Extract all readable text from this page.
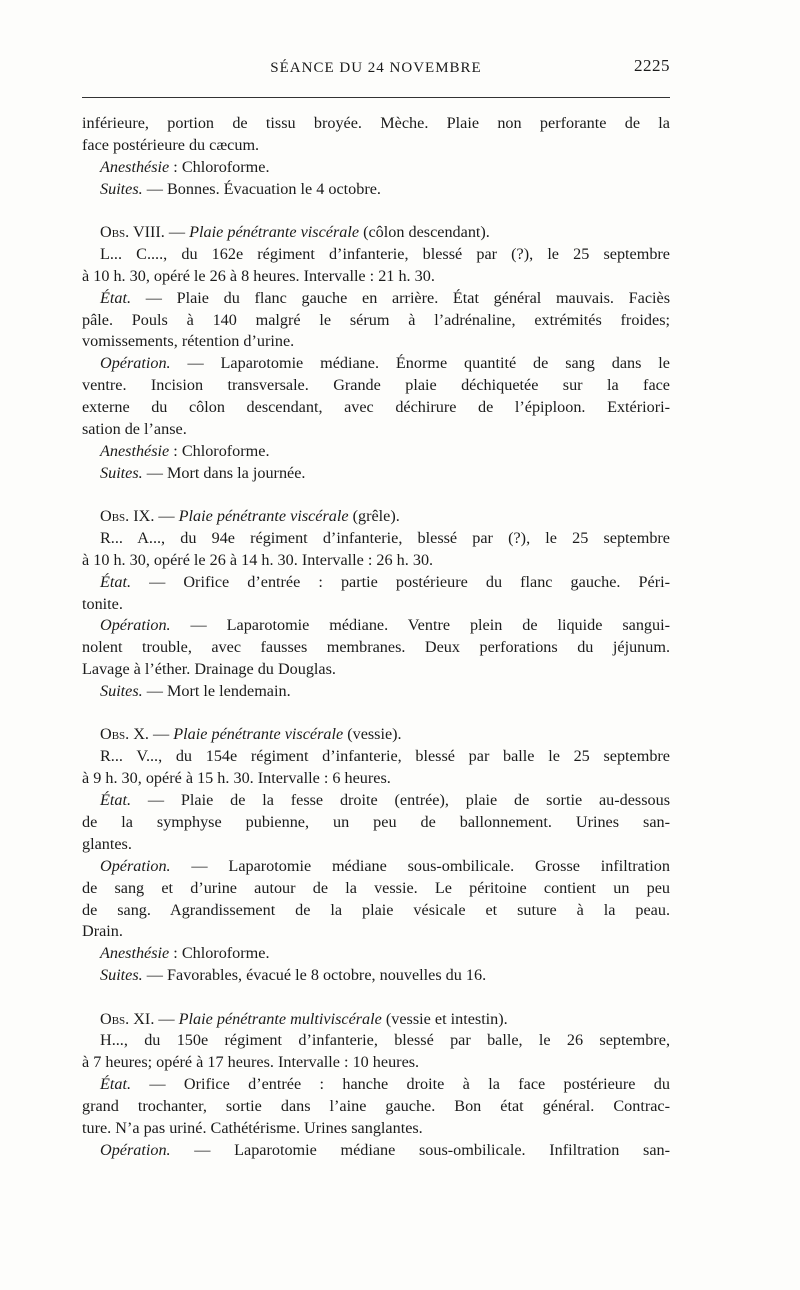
SÉANCE DU 24 NOVEMBRE	2225
inférieure, portion de tissu broyée. Mèche. Plaie non perforante de la
face postérieure du cæcum.
Anesthésie : Chloroforme.
Suites. — Bonnes. Évacuation le 4 octobre.
Obs. VIII. — Plaie pénétrante viscérale (côlon descendant).
L... C...., du 162e régiment d’infanterie, blessé par (?), le 25 septembre
à 10 h. 30, opéré le 26 à 8 heures. Intervalle : 21 h. 30.
État. — Plaie du flanc gauche en arrière. État général mauvais. Faciès
pâle. Pouls à 140 malgré le sérum à l’adrénaline, extrémités froides;
vomissements, rétention d’urine.
Opération. — Laparotomie médiane. Énorme quantité de sang dans le
ventre. Incision transversale. Grande plaie déchiquetée sur la face
externe du côlon descendant, avec déchirure de l’épiploon. Extériori-
sation de l’anse.
Anesthésie : Chloroforme.
Suites. — Mort dans la journée.
Obs. IX. — Plaie pénétrante viscérale (grêle).
R... A..., du 94e régiment d’infanterie, blessé par (?), le 25 septembre
à 10 h. 30, opéré le 26 à 14 h. 30. Intervalle : 26 h. 30.
État. — Orifice d’entrée : partie postérieure du flanc gauche. Péri-
tonite.
Opération. — Laparotomie médiane. Ventre plein de liquide sangui-
nolent trouble, avec fausses membranes. Deux perforations du jéjunum.
Lavage à l’éther. Drainage du Douglas.
Suites. — Mort le lendemain.
Obs. X. — Plaie pénétrante viscérale (vessie).
R... V..., du 154e régiment d’infanterie, blessé par balle le 25 septembre
à 9 h. 30, opéré à 15 h. 30. Intervalle : 6 heures.
État. — Plaie de la fesse droite (entrée), plaie de sortie au-dessous
de la symphyse pubienne, un peu de ballonnement. Urines san-
glantes.
Opération. — Laparotomie médiane sous-ombilicale. Grosse infiltration
de sang et d’urine autour de la vessie. Le péritoine contient un peu
de sang. Agrandissement de la plaie vésicale et suture à la peau.
Drain.
Anesthésie : Chloroforme.
Suites. — Favorables, évacué le 8 octobre, nouvelles du 16.
Obs. XI. — Plaie pénétrante multiviscérale (vessie et intestin).
H..., du 150e régiment d’infanterie, blessé par balle, le 26 septembre,
à 7 heures; opéré à 17 heures. Intervalle : 10 heures.
État. — Orifice d’entrée : hanche droite à la face postérieure du
grand trochanter, sortie dans l’aine gauche. Bon état général. Contrac-
ture. N’a pas uriné. Cathétérisme. Urines sanglantes.
Opération. — Laparotomie médiane sous-ombilicale. Infiltration san-
